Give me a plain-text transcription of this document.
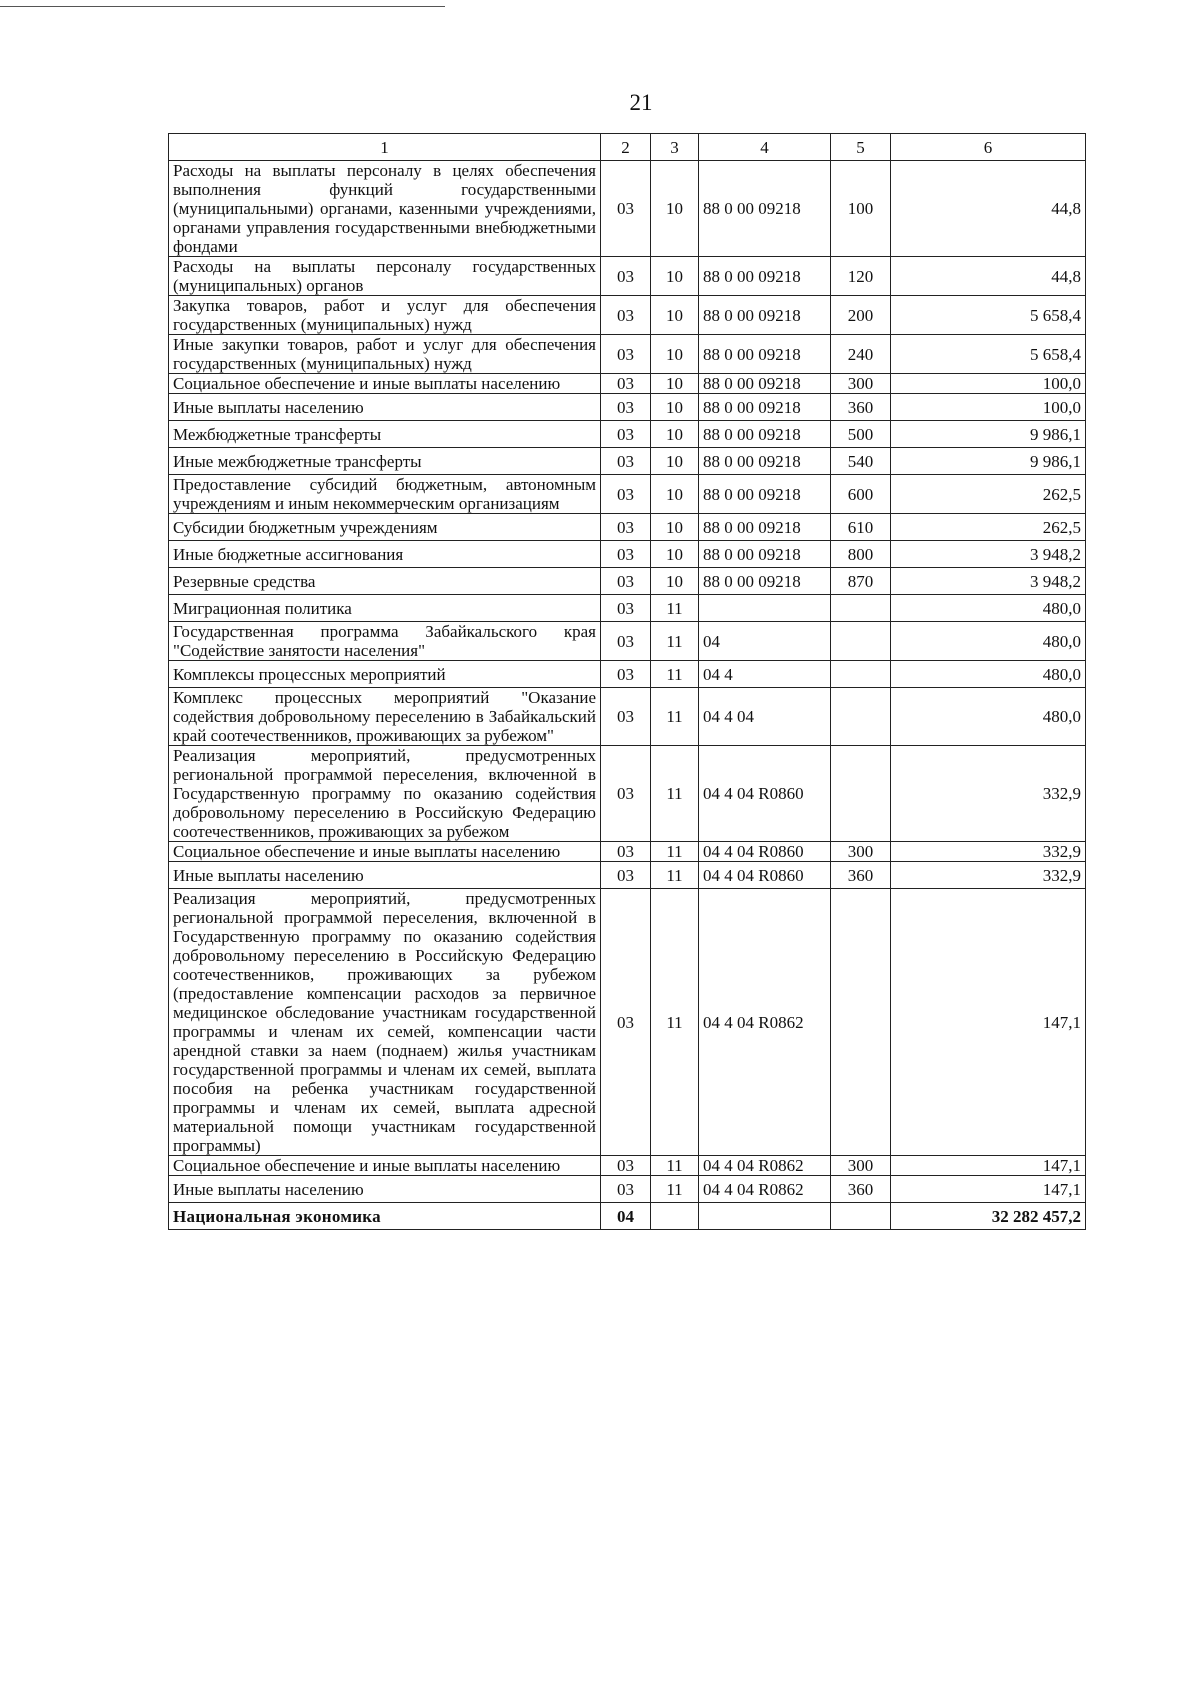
21
1	2	3	4	5	6
Расходы на выплаты персоналу в целях обеспечения выполнения функций государственными (муниципальными) органами, казенными учреждениями, органами управления государственными внебюджетными фондами	03	10	88 0 00 09218	100	44,8
Расходы на выплаты персоналу государственных (муниципальных) органов	03	10	88 0 00 09218	120	44,8
Закупка товаров, работ и услуг для обеспечения государственных (муниципальных) нужд	03	10	88 0 00 09218	200	5 658,4
Иные закупки товаров, работ и услуг для обеспечения государственных (муниципальных) нужд	03	10	88 0 00 09218	240	5 658,4
Социальное обеспечение и иные выплаты населению	03	10	88 0 00 09218	300	100,0
Иные выплаты населению	03	10	88 0 00 09218	360	100,0
Межбюджетные трансферты	03	10	88 0 00 09218	500	9 986,1
Иные межбюджетные трансферты	03	10	88 0 00 09218	540	9 986,1
Предоставление субсидий бюджетным, автономным учреждениям и иным некоммерческим организациям	03	10	88 0 00 09218	600	262,5
Субсидии бюджетным учреждениям	03	10	88 0 00 09218	610	262,5
Иные бюджетные ассигнования	03	10	88 0 00 09218	800	3 948,2
Резервные средства	03	10	88 0 00 09218	870	3 948,2
Миграционная политика	03	11			480,0
Государственная программа Забайкальского края "Содействие занятости населения"	03	11	04		480,0
Комплексы процессных мероприятий	03	11	04 4		480,0
Комплекс процессных мероприятий "Оказание содействия добровольному переселению в Забайкальский край соотечественников, проживающих за рубежом"	03	11	04 4 04		480,0
Реализация мероприятий, предусмотренных региональной программой переселения, включенной в Государственную программу по оказанию содействия добровольному переселению в Российскую Федерацию соотечественников, проживающих за рубежом	03	11	04 4 04 R0860		332,9
Социальное обеспечение и иные выплаты населению	03	11	04 4 04 R0860	300	332,9
Иные выплаты населению	03	11	04 4 04 R0860	360	332,9
Реализация мероприятий, предусмотренных региональной программой переселения, включенной в Государственную программу по оказанию содействия добровольному переселению в Российскую Федерацию соотечественников, проживающих за рубежом (предоставление компенсации расходов за первичное медицинское обследование участникам государственной программы и членам их семей, компенсации части арендной ставки за наем (поднаем) жилья участникам государственной программы и членам их семей, выплата пособия на ребенка участникам государственной программы и членам их семей, выплата адресной материальной помощи участникам государственной программы)	03	11	04 4 04 R0862		147,1
Социальное обеспечение и иные выплаты населению	03	11	04 4 04 R0862	300	147,1
Иные выплаты населению	03	11	04 4 04 R0862	360	147,1
Национальная экономика	04				32 282 457,2
